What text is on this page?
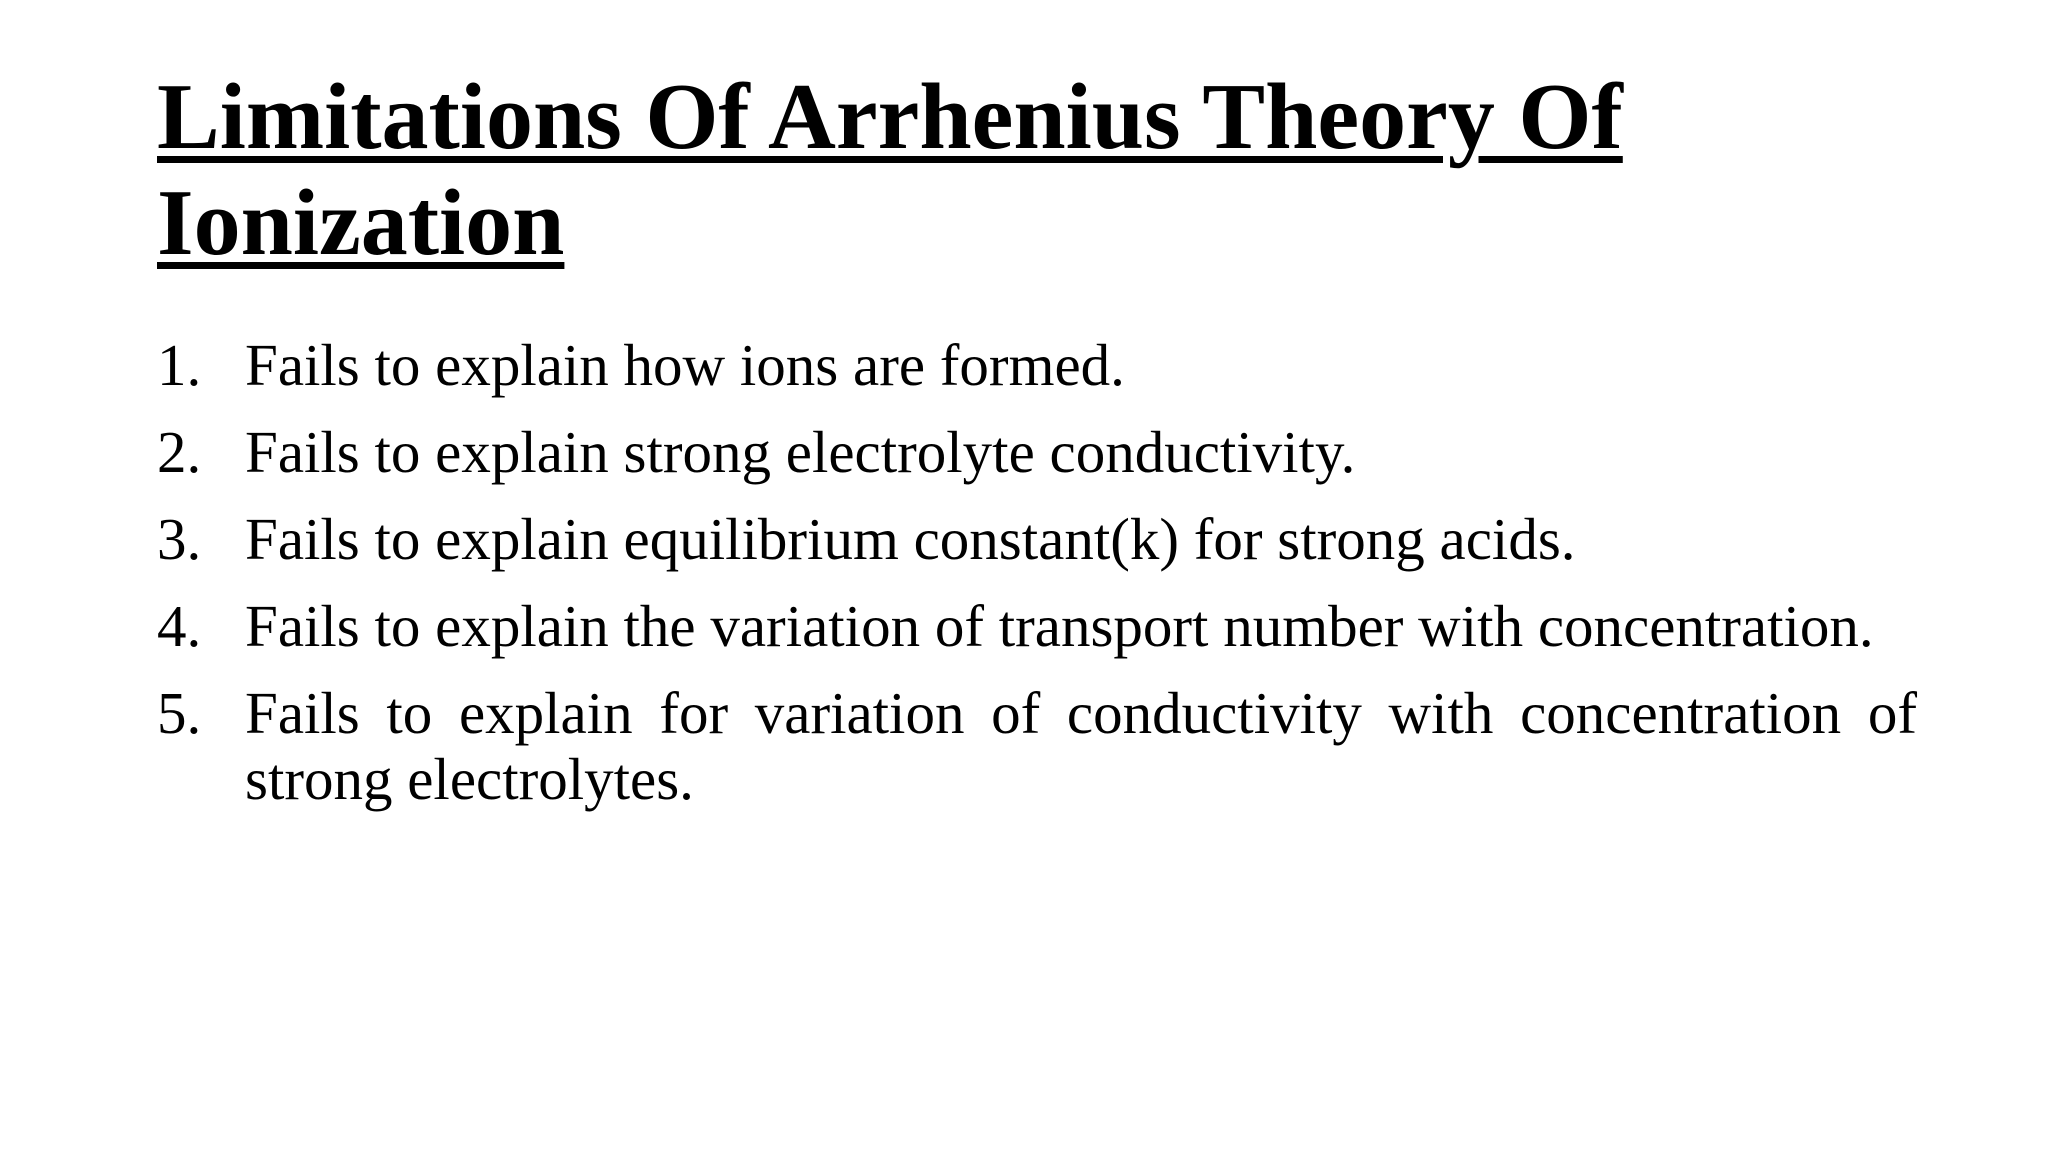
Limitations Of Arrhenius Theory Of Ionization
1. Fails to explain how ions are formed.
2. Fails to explain strong electrolyte conductivity.
3. Fails to explain equilibrium constant(k) for strong acids.
4. Fails to explain the variation of transport number with concentration.
5. Fails to explain for variation of conductivity with concentration of strong electrolytes.
